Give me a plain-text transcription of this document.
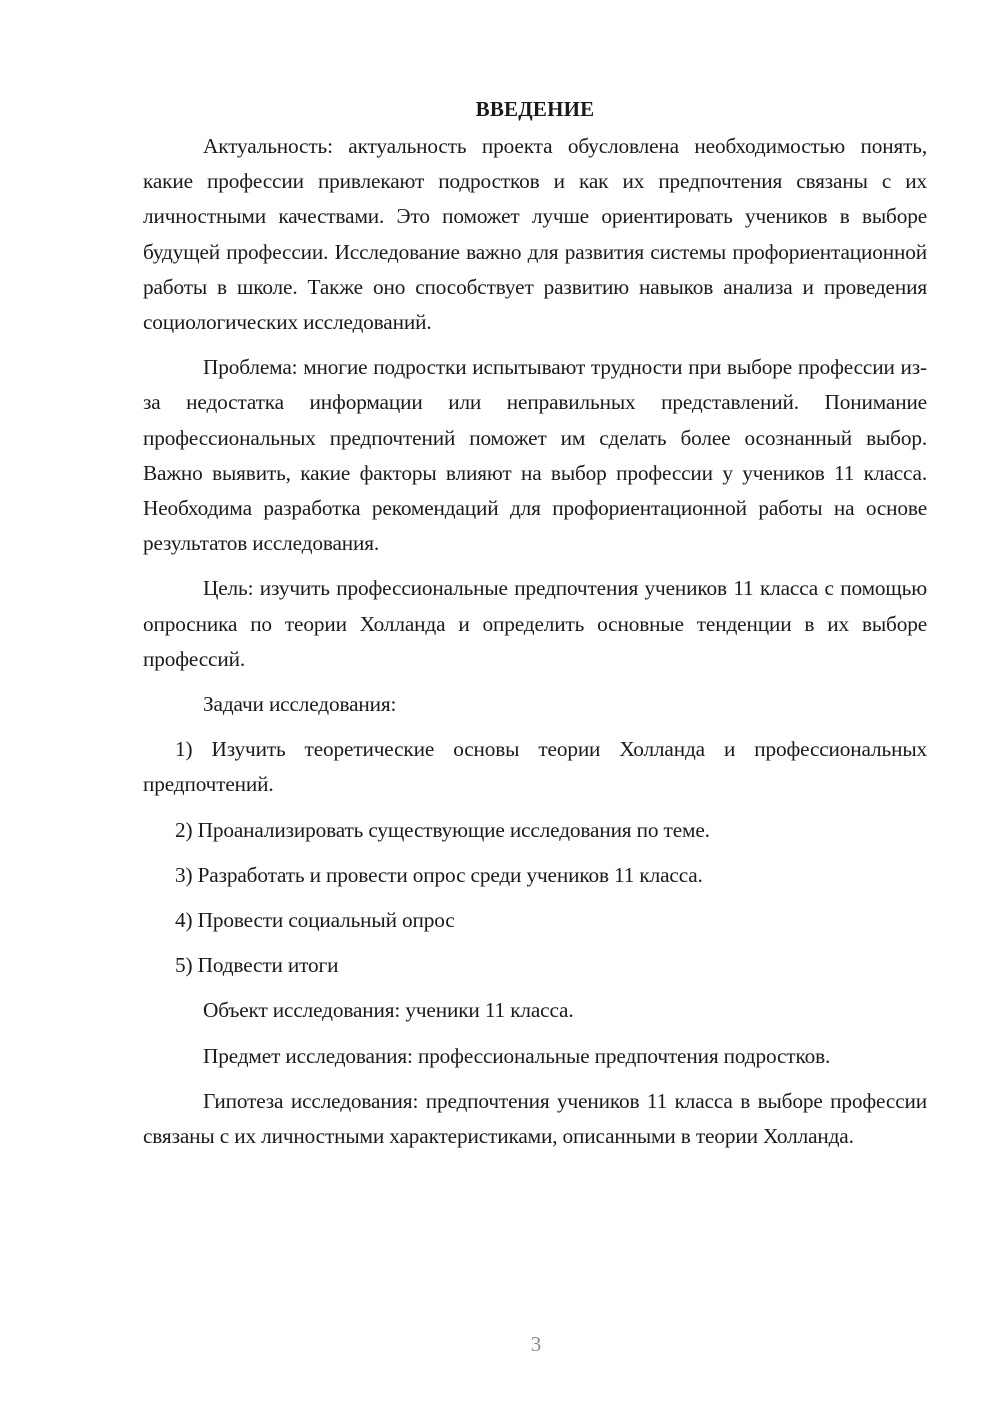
ВВЕДЕНИЕ

Актуальность: актуальность проекта обусловлена необходимостью понять, какие профессии привлекают подростков и как их предпочтения связаны с их личностными качествами. Это поможет лучше ориентировать учеников в выборе будущей профессии. Исследование важно для развития системы профориентационной работы в школе. Также оно способствует развитию навыков анализа и проведения социологических исследований.

Проблема: многие подростки испытывают трудности при выборе профессии из-за недостатка информации или неправильных представлений. Понимание профессиональных предпочтений поможет им сделать более осознанный выбор. Важно выявить, какие факторы влияют на выбор профессии у учеников 11 класса. Необходима разработка рекомендаций для профориентационной работы на основе результатов исследования.

Цель: изучить профессиональные предпочтения учеников 11 класса с помощью опросника по теории Холланда и определить основные тенденции в их выборе профессий.

Задачи исследования:

1) Изучить теоретические основы теории Холланда и профессиональных предпочтений.

2) Проанализировать существующие исследования по теме.

3) Разработать и провести опрос среди учеников 11 класса.

4) Провести социальный опрос

5) Подвести итоги

Объект исследования: ученики 11 класса.

Предмет исследования: профессиональные предпочтения подростков.

Гипотеза исследования: предпочтения учеников 11 класса в выборе профессии связаны с их личностными характеристиками, описанными в теории Холланда.

3
